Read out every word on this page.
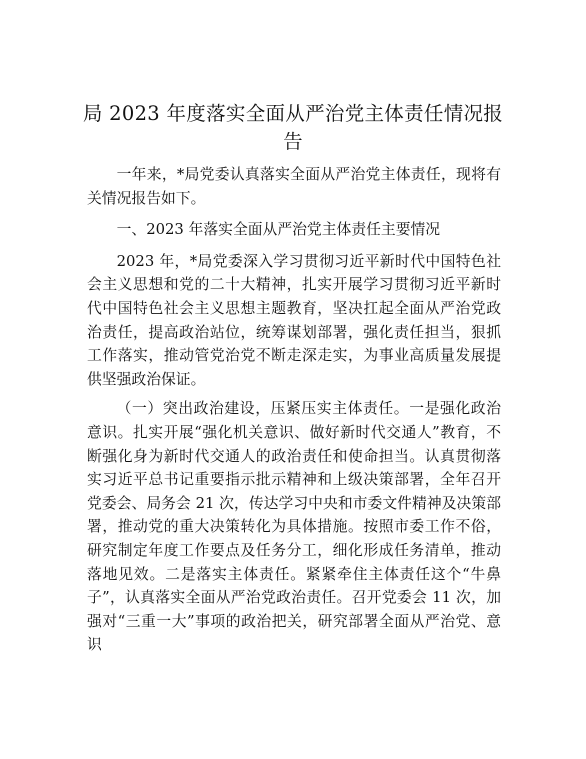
局 2023 年度落实全面从严治党主体责任情况报告

一年来，*局党委认真落实全面从严治党主体责任，现将有关情况报告如下。

一、2023 年落实全面从严治党主体责任主要情况

2023 年，*局党委深入学习贯彻习近平新时代中国特色社会主义思想和党的二十大精神，扎实开展学习贯彻习近平新时代中国特色社会主义思想主题教育，坚决扛起全面从严治党政治责任，提高政治站位，统筹谋划部署，强化责任担当，狠抓工作落实，推动管党治党不断走深走实，为事业高质量发展提供坚强政治保证。

（一）突出政治建设，压紧压实主体责任。一是强化政治意识。扎实开展“强化机关意识、做好新时代交通人”教育，不断强化身为新时代交通人的政治责任和使命担当。认真贯彻落实习近平总书记重要指示批示精神和上级决策部署，全年召开党委会、局务会 21 次，传达学习中央和市委文件精神及决策部署，推动党的重大决策转化为具体措施。按照市委工作不俗，研究制定年度工作要点及任务分工，细化形成任务清单，推动落地见效。二是落实主体责任。紧紧牵住主体责任这个“牛鼻子”，认真落实全面从严治党政治责任。召开党委会 11 次，加强对“三重一大”事项的政治把关，研究部署全面从严治党、意识
